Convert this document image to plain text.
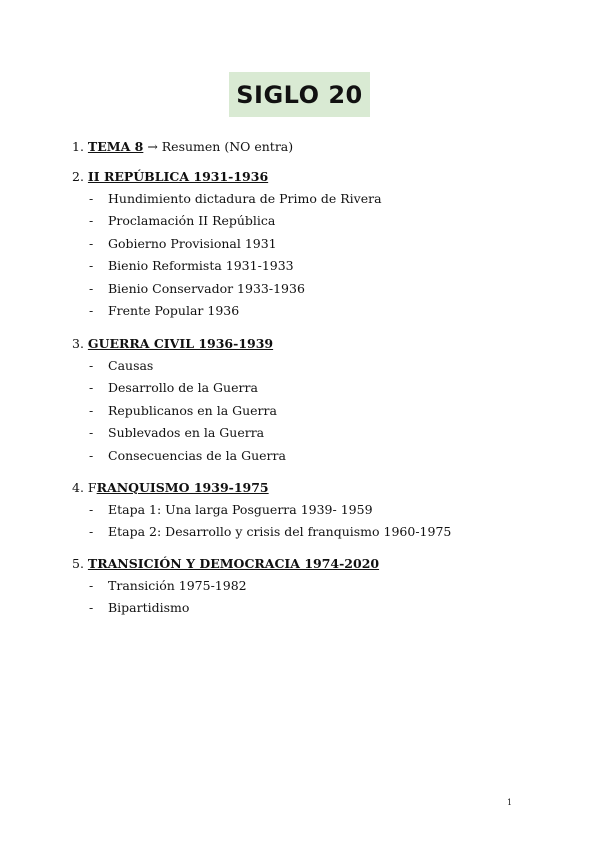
SIGLO 20
1. TEMA 8 → Resumen (NO entra)
2. II REPÚBLICA 1931-1936
- Hundimiento dictadura de Primo de Rivera
- Proclamación II República
- Gobierno Provisional 1931
- Bienio Reformista 1931-1933
- Bienio Conservador 1933-1936
- Frente Popular 1936
3. GUERRA CIVIL 1936-1939
- Causas
- Desarrollo de la Guerra
- Republicanos en la Guerra
- Sublevados en la Guerra
- Consecuencias de la Guerra
4. FRANQUISMO 1939-1975
- Etapa 1: Una larga Posguerra 1939- 1959
- Etapa 2: Desarrollo y crisis del franquismo 1960-1975
5. TRANSICIÓN Y DEMOCRACIA 1974-2020
- Transición 1975-1982
- Bipartidismo
1
